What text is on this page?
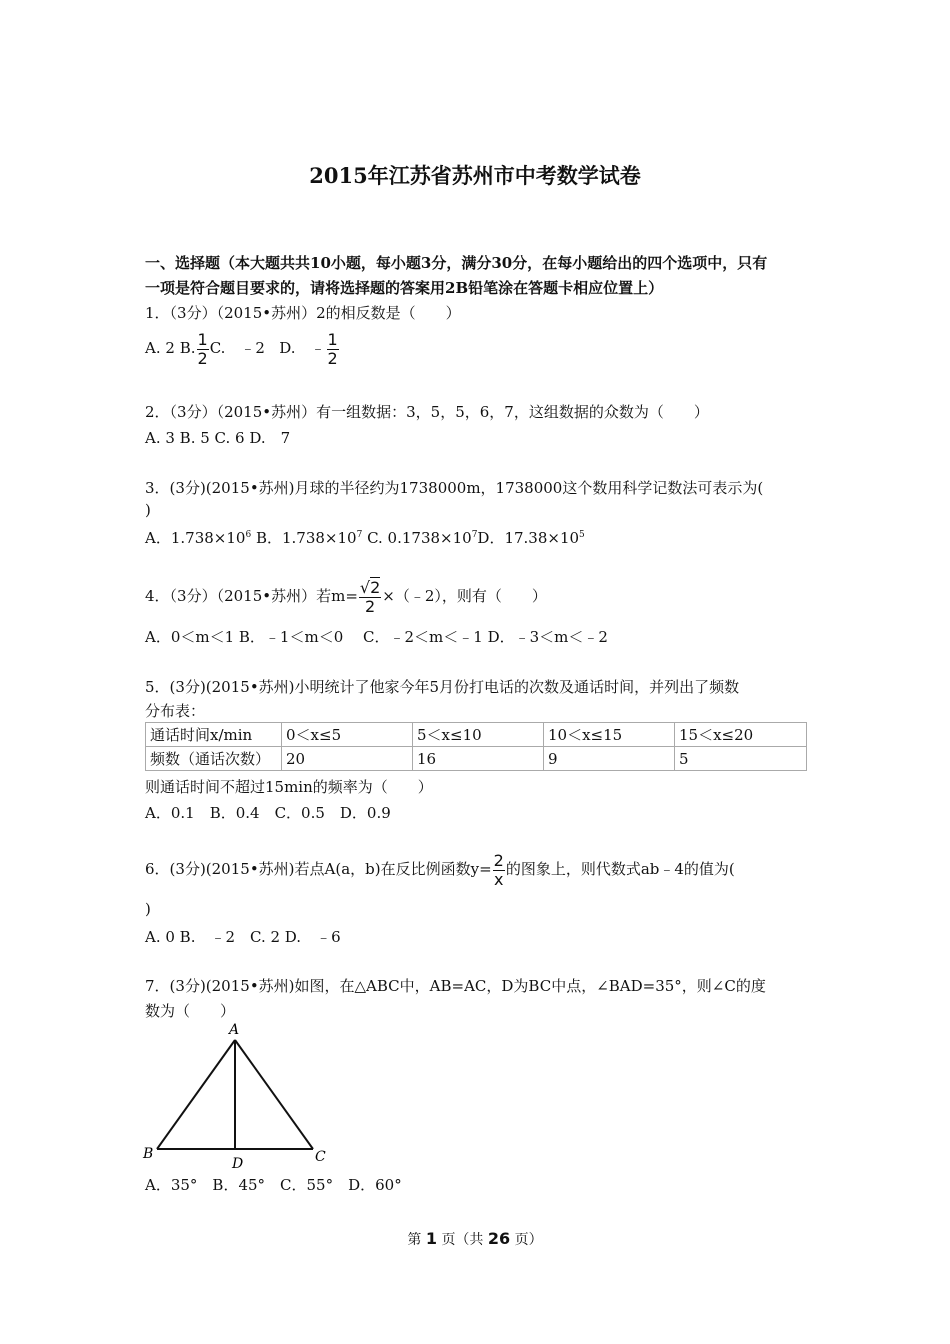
2015年江苏省苏州市中考数学试卷
一、选择题（本大题共共10小题，每小题3分，满分30分，在每小题给出的四个选项中，只有
一项是符合题目要求的，请将选择题的答案用2B铅笔涂在答题卡相应位置上）
1．（3分）（2015•苏州）2的相反数是（　　）
A. 2 B. $\frac{1}{2} C$.　﹣2 D.　﹣ $\frac{1}{2}$
2．（3分）（2015•苏州）有一组数据：3，5，5，6，7，这组数据的众数为（　　）
A. 3 B. 5 C. 6 D.　7
3．(3分)(2015•苏州)月球的半径约为1738000m，1738000这个数用科学记数法可表示为(
)
A．$1.738\times 10^6$ B．$1.738\times 10^7$ C. $0.1738\times 10^7D$．$17.38\times 10^5$
4．（3分）（2015•苏州）若$m= \frac{√2}{2}$ ×（﹣2），则有（　　）
A．0＜m＜1 B．﹣1＜m＜0　 C．﹣2＜m＜﹣1 D．﹣3＜m＜﹣2
5．(3分)(2015•苏州)小明统计了他家今年5月份打电话的次数及通话时间，并列出了频数
分布表：
通话时间x/min	0＜x≤5	5＜x≤10	10＜x≤15	15＜x≤20
频数（通话次数）	20	16	9	5
则通话时间不超过15min的频率为（　　）
A．0.1　B．0.4　C．0.5　D．0.9
6．(3分)(2015•苏州)若点A(a，b)在反比例函数$y= \frac{2}{x}$ 的图象上，则代数式ab﹣4的值为(
)
A. 0 B.　﹣2　C. 2 D.　﹣6
7．(3分)(2015•苏州)如图，在△ABC中，AB=AC，D为BC中点，∠BAD=35°，则∠C的度
数为（　　）
A
B	C
D
A．35°　B．45°　C．55°　D．60°
第 1 页（共 26 页）
